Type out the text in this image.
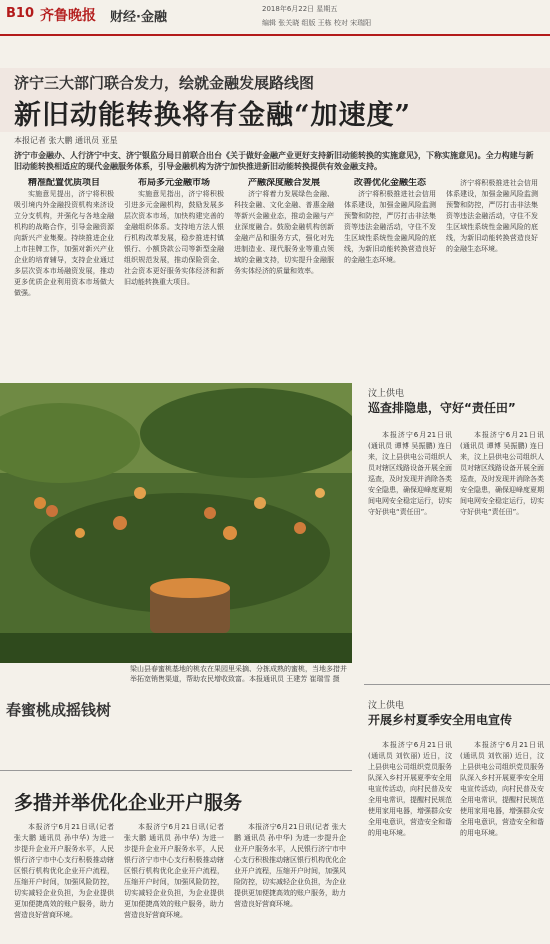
B10 齐鲁晚报 财经·金融
2018年6月22日 星期五
编辑 张关晓 组版 王栋 校对 宋瑞阳
济宁三大部门联合发力，绘就金融发展路线图
新旧动能转换将有金融“加速度”
本报记者 张大鹏 通讯员 亚星
济宁市金融办、人行济宁中支、济宁银监分局日前联合出台《关于做好金融产业更好支持新旧动能转换的实施意见》，下称实施意见)。全力构建与新旧动能转换相适应的现代金融服务体系，引导金融机构为济宁加快推进新旧动能转换提供有效金融支持。
精准配置优质项目

实施意见提出，济宁将积极吸引境内外金融投资机构来济设立分支机构，并强化与各地金融机构的战略合作，引导金融资源向新兴产业集聚。持续推进企业上市挂牌工作，加强对新兴产业企业的培育辅导，支持企业通过多层次资本市场融资发展，推动更多优质企业利用资本市场做大做强。

布局多元金融市场

实施意见指出，济宁将积极引进多元金融机构，鼓励发展多层次资本市场，加快构建完善的金融组织体系。支持地方法人银行机构改革发展，稳步推进村镇银行、小额贷款公司等新型金融组织规范发展，推动保险资金、社会资本更好服务实体经济和新旧动能转换重大项目。

产融深度融合发展

济宁将着力发展绿色金融、科技金融、文化金融、普惠金融等新兴金融业态，推动金融与产业深度融合。鼓励金融机构创新金融产品和服务方式，强化对先进制造业、现代服务业等重点领域的金融支持，切实提升金融服务实体经济的质量和效率。

改善优化金融生态

济宁将积极推进社会信用体系建设，加强金融风险监测预警和防控，严厉打击非法集资等违法金融活动，守住不发生区域性系统性金融风险的底线，为新旧动能转换营造良好的金融生态环境。

济宁将积极推进社会信用体系建设，加强金融风险监测预警和防控，严厉打击非法集资等违法金融活动，守住不发生区域性系统性金融风险的底线，为新旧动能转换营造良好的金融生态环境。

梁山县春蜜桃基地的桃农在果园里采摘、分拣成熟的蜜桃，当地多措并举拓宽销售渠道，帮助农民增收致富。本报通讯员 王建芳 崔瑞雪 摄
春蜜桃成摇钱树
汶上供电
巡查排隐患，守好“责任田”

本报济宁6月21日讯(通讯员 谭博 吴振鹏) 连日来，汶上县供电公司组织人员对辖区线路设备开展全面巡查，及时发现并消除各类安全隐患，确保迎峰度夏期间电网安全稳定运行，切实守好供电“责任田”。

本报济宁6月21日讯(通讯员 谭博 吴振鹏) 连日来，汶上县供电公司组织人员对辖区线路设备开展全面巡查，及时发现并消除各类安全隐患，确保迎峰度夏期间电网安全稳定运行，切实守好供电“责任田”。

汶上供电
开展乡村夏季安全用电宣传

本报济宁6月21日讯(通讯员 刘钦丽) 近日，汶上县供电公司组织党员服务队深入乡村开展夏季安全用电宣传活动，向村民普及安全用电常识，提醒村民规范使用家用电器，增强群众安全用电意识，营造安全和谐的用电环境。

本报济宁6月21日讯(通讯员 刘钦丽) 近日，汶上县供电公司组织党员服务队深入乡村开展夏季安全用电宣传活动，向村民普及安全用电常识，提醒村民规范使用家用电器，增强群众安全用电意识，营造安全和谐的用电环境。

多措并举优化企业开户服务

本报济宁6月21日讯(记者 张大鹏 通讯员 孙中华) 为进一步提升企业开户服务水平，人民银行济宁市中心支行积极推动辖区银行机构优化企业开户流程，压缩开户时间，加强风险防控，切实减轻企业负担，为企业提供更加便捷高效的账户服务，助力营造良好营商环境。

本报济宁6月21日讯(记者 张大鹏 通讯员 孙中华) 为进一步提升企业开户服务水平，人民银行济宁市中心支行积极推动辖区银行机构优化企业开户流程，压缩开户时间，加强风险防控，切实减轻企业负担，为企业提供更加便捷高效的账户服务，助力营造良好营商环境。

本报济宁6月21日讯(记者 张大鹏 通讯员 孙中华) 为进一步提升企业开户服务水平，人民银行济宁市中心支行积极推动辖区银行机构优化企业开户流程，压缩开户时间，加强风险防控，切实减轻企业负担，为企业提供更加便捷高效的账户服务，助力营造良好营商环境。
